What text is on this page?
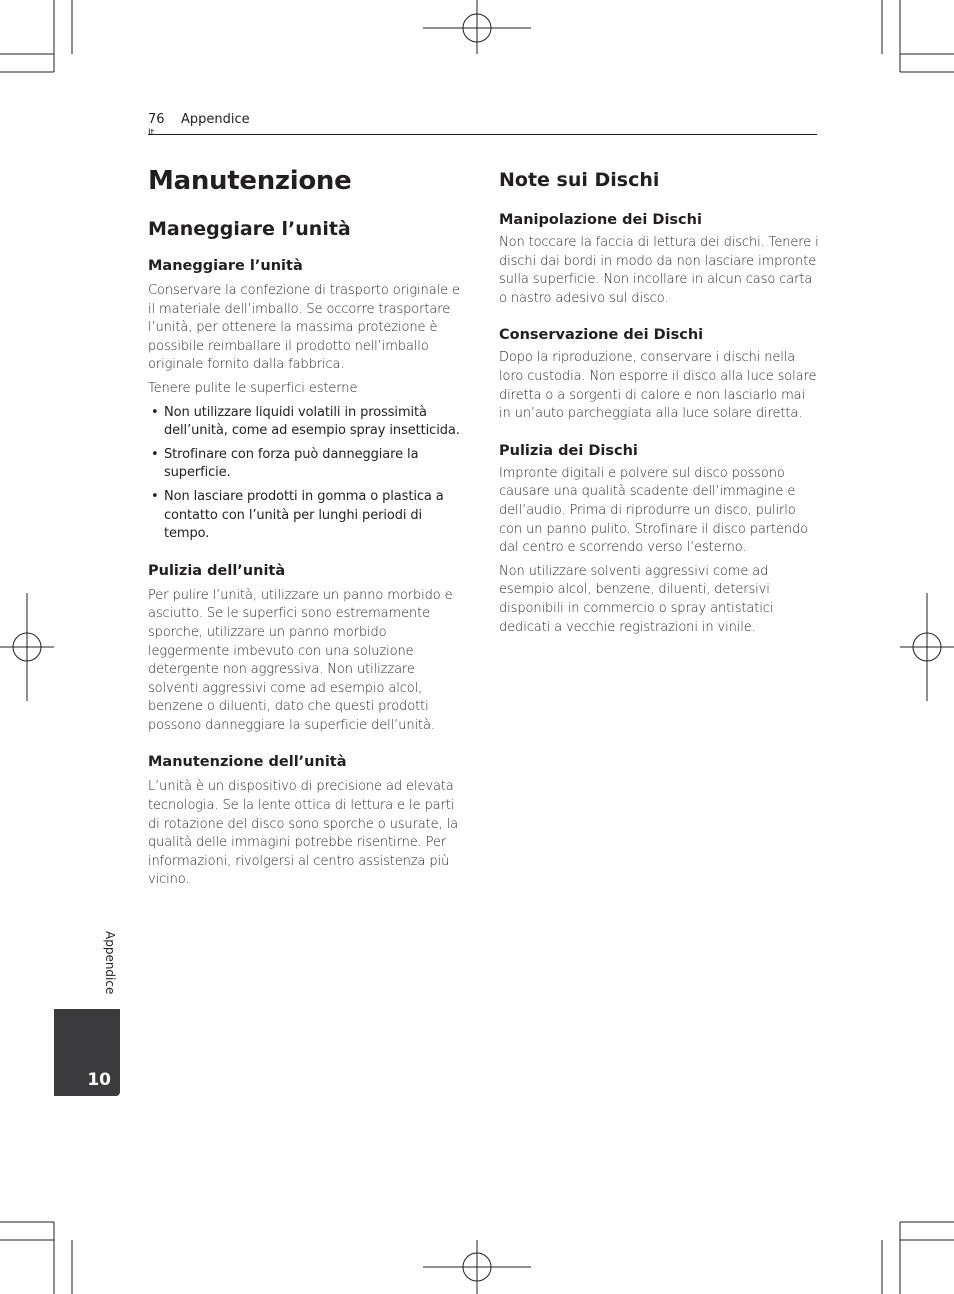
76
It
Appendice
Manutenzione
Maneggiare l’unità
Maneggiare l’unità

Conservare la confezione di trasporto originale e il materiale dell’imballo. Se occorre trasportare l’unità, per ottenere la massima protezione è possibile reimballare il prodotto nell’imballo originale fornito dalla fabbrica.

Tenere pulite le superfici esterne

• Non utilizzare liquidi volatili in prossimità dell’unità, come ad esempio spray insetticida.
• Strofinare con forza può danneggiare la superficie.
• Non lasciare prodotti in gomma o plastica a contatto con l’unità per lunghi periodi di tempo.
Pulizia dell’unità

Per pulire l’unità, utilizzare un panno morbido e asciutto. Se le superfici sono estremamente sporche, utilizzare un panno morbido leggermente imbevuto con una soluzione detergente non aggressiva. Non utilizzare solventi aggressivi come ad esempio alcol, benzene o diluenti, dato che questi prodotti possono danneggiare la superficie dell’unità.

Manutenzione dell’unità

L’unità è un dispositivo di precisione ad elevata tecnologia. Se la lente ottica di lettura e le parti di rotazione del disco sono sporche o usurate, la qualità delle immagini potrebbe risentirne. Per informazioni, rivolgersi al centro assistenza più vicino.

Note sui Dischi
Manipolazione dei Dischi

Non toccare la faccia di lettura dei dischi. Tenere i dischi dai bordi in modo da non lasciare impronte sulla superficie. Non incollare in alcun caso carta o nastro adesivo sul disco.

Conservazione dei Dischi

Dopo la riproduzione, conservare i dischi nella loro custodia. Non esporre il disco alla luce solare diretta o a sorgenti di calore e non lasciarlo mai in un’auto parcheggiata alla luce solare diretta.

Pulizia dei Dischi

Impronte digitali e polvere sul disco possono causare una qualità scadente dell’immagine e dell’audio. Prima di riprodurre un disco, pulirlo con un panno pulito. Strofinare il disco partendo dal centro e scorrendo verso l’esterno.

Non utilizzare solventi aggressivi come ad esempio alcol, benzene, diluenti, detersivi disponibili in commercio o spray antistatici dedicati a vecchie registrazioni in vinile.

Appendice
10
